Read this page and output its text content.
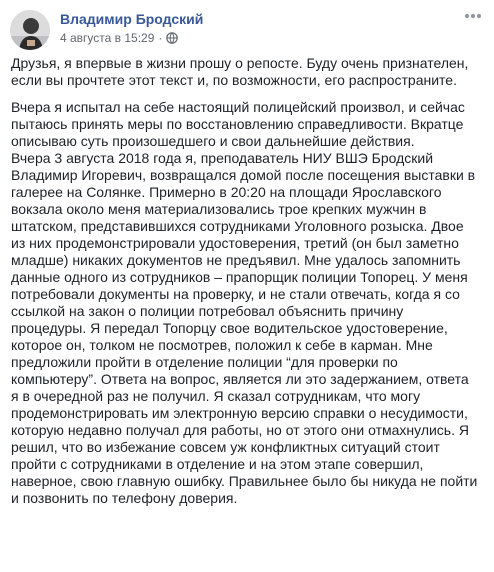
Владимир Бродский
4 августа в 15:29 ·

Друзья, я впервые в жизни прошу о репосте. Буду очень признателен,
если вы прочтете этот текст и, по возможности, его распространите.

Вчера я испытал на себе настоящий полицейский произвол, и сейчас
пытаюсь принять меры по восстановлению справедливости. Вкратце
описываю суть произошедшего и свои дальнейшие действия.
Вчера 3 августа 2018 года я, преподаватель НИУ ВШЭ Бродский
Владимир Игоревич, возвращался домой после посещения выставки в
галерее на Солянке. Примерно в 20:20 на площади Ярославского
вокзала около меня материализовались трое крепких мужчин в
штатском, представившихся сотрудниками Уголовного розыска. Двое
из них продемонстрировали удостоверения, третий (он был заметно
младше) никаких документов не предъявил. Мне удалось запомнить
данные одного из сотрудников – прапорщик полиции Топорец. У меня
потребовали документы на проверку, и не стали отвечать, когда я со
ссылкой на закон о полиции потребовал объяснить причину
процедуры. Я передал Топорцу свое водительское удостоверение,
которое он, толком не посмотрев, положил к себе в карман. Мне
предложили пройти в отделение полиции “для проверки по
компьютеру”. Ответа на вопрос, является ли это задержанием, ответа
я в очередной раз не получил. Я сказал сотрудникам, что могу
продемонстрировать им электронную версию справки о несудимости,
которую недавно получал для работы, но от этого они отмахнулись. Я
решил, что во избежание совсем уж конфликтных ситуаций стоит
пройти с сотрудниками в отделение и на этом этапе совершил,
наверное, свою главную ошибку. Правильнее было бы никуда не пойти
и позвонить по телефону доверия.
